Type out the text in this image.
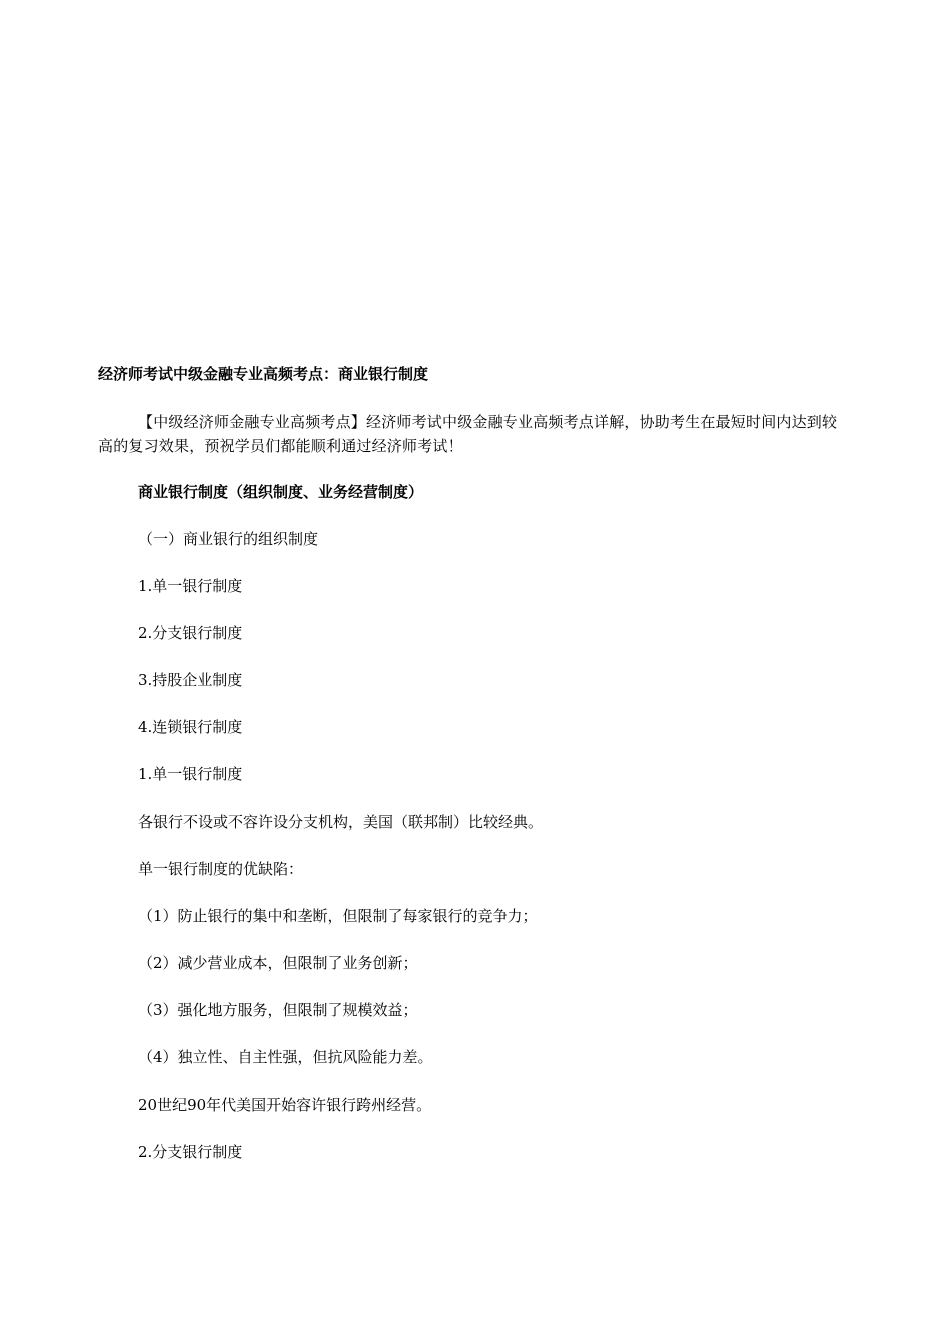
经济师考试中级金融专业高频考点：商业银行制度
【中级经济师金融专业高频考点】经济师考试中级金融专业高频考点详解，协助考生在最短时间内达到较高的复习效果，预祝学员们都能顺利通过经济师考试！
商业银行制度（组织制度、业务经营制度）
（一）商业银行的组织制度
1.单一银行制度
2.分支银行制度
3.持股企业制度
4.连锁银行制度
1.单一银行制度
各银行不设或不容许设分支机构，美国（联邦制）比较经典。
单一银行制度的优缺陷：
（1）防止银行的集中和垄断，但限制了每家银行的竞争力；
（2）减少营业成本，但限制了业务创新；
（3）强化地方服务，但限制了规模效益；
（4）独立性、自主性强，但抗风险能力差。
20世纪90年代美国开始容许银行跨州经营。
2.分支银行制度
